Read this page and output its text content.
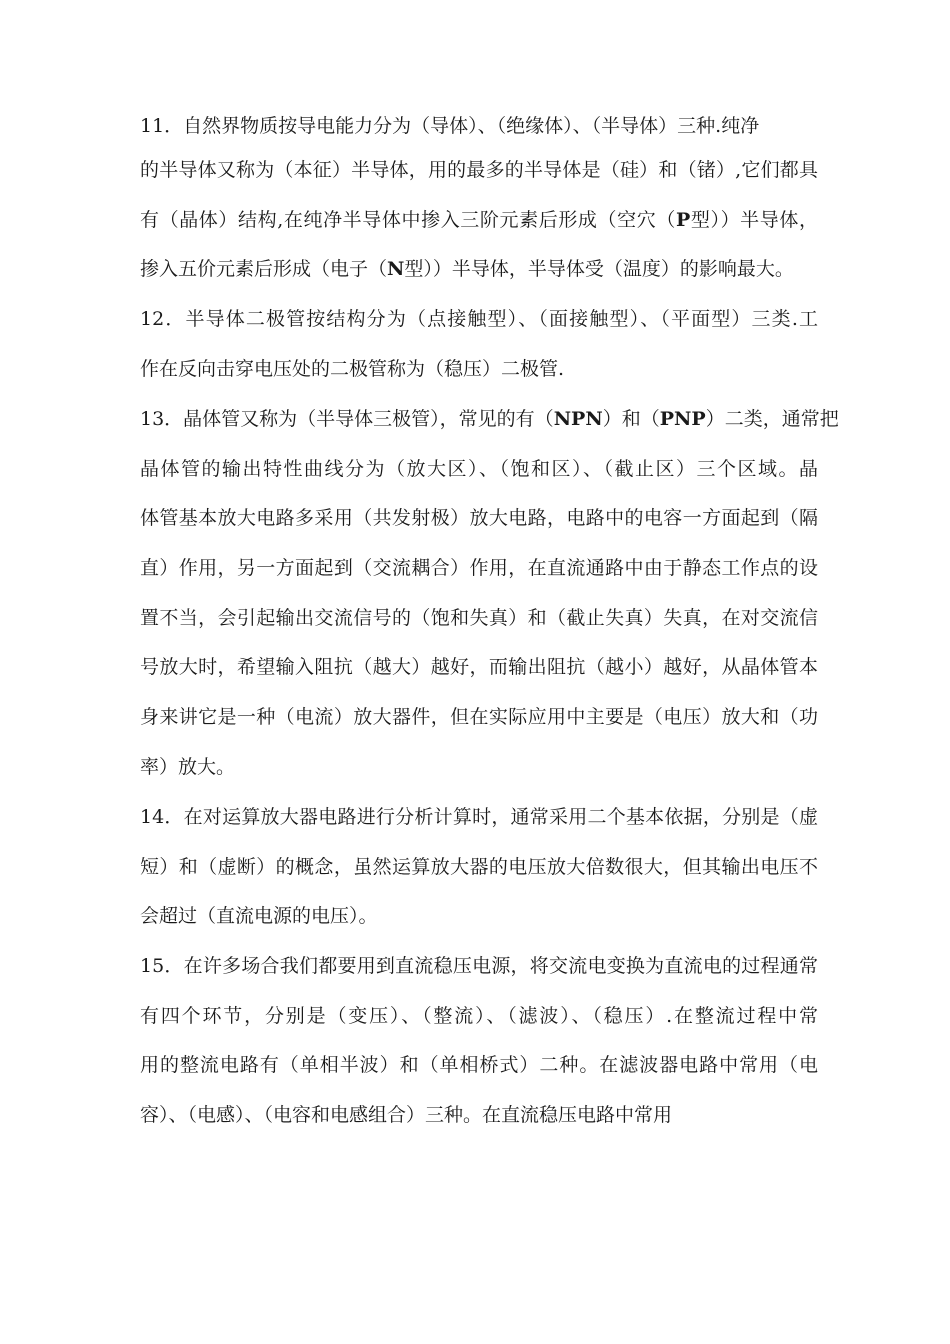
11．自然界物质按导电能力分为（导体）、（绝缘体）、（半导体）三种.纯净
的半导体又称为（本征）半导体，用的最多的半导体是（硅）和（锗）,它们都具
有（晶体）结构,在纯净半导体中掺入三阶元素后形成（空穴（P型））半导体，
掺入五价元素后形成（电子（N型））半导体，半导体受（温度）的影响最大。
12．半导体二极管按结构分为（点接触型）、（面接触型）、（平面型）三类.工
作在反向击穿电压处的二极管称为（稳压）二极管.
13．晶体管又称为（半导体三极管），常见的有（NPN）和（PNP）二类，通常把
晶体管的输出特性曲线分为（放大区）、（饱和区）、（截止区）三个区域。晶
体管基本放大电路多采用（共发射极）放大电路，电路中的电容一方面起到（隔
直）作用，另一方面起到（交流耦合）作用，在直流通路中由于静态工作点的设
置不当，会引起输出交流信号的（饱和失真）和（截止失真）失真，在对交流信
号放大时，希望输入阻抗（越大）越好，而输出阻抗（越小）越好，从晶体管本
身来讲它是一种（电流）放大器件，但在实际应用中主要是（电压）放大和（功
率）放大。
14．在对运算放大器电路进行分析计算时，通常采用二个基本依据，分别是（虚
短）和（虚断）的概念，虽然运算放大器的电压放大倍数很大，但其输出电压不
会超过（直流电源的电压）。
15．在许多场合我们都要用到直流稳压电源，将交流电变换为直流电的过程通常
有四个环节，分别是（变压）、（整流）、（滤波）、（稳压）.在整流过程中常
用的整流电路有（单相半波）和（单相桥式）二种。在滤波器电路中常用（电
容）、（电感）、（电容和电感组合）三种。在直流稳压电路中常用
